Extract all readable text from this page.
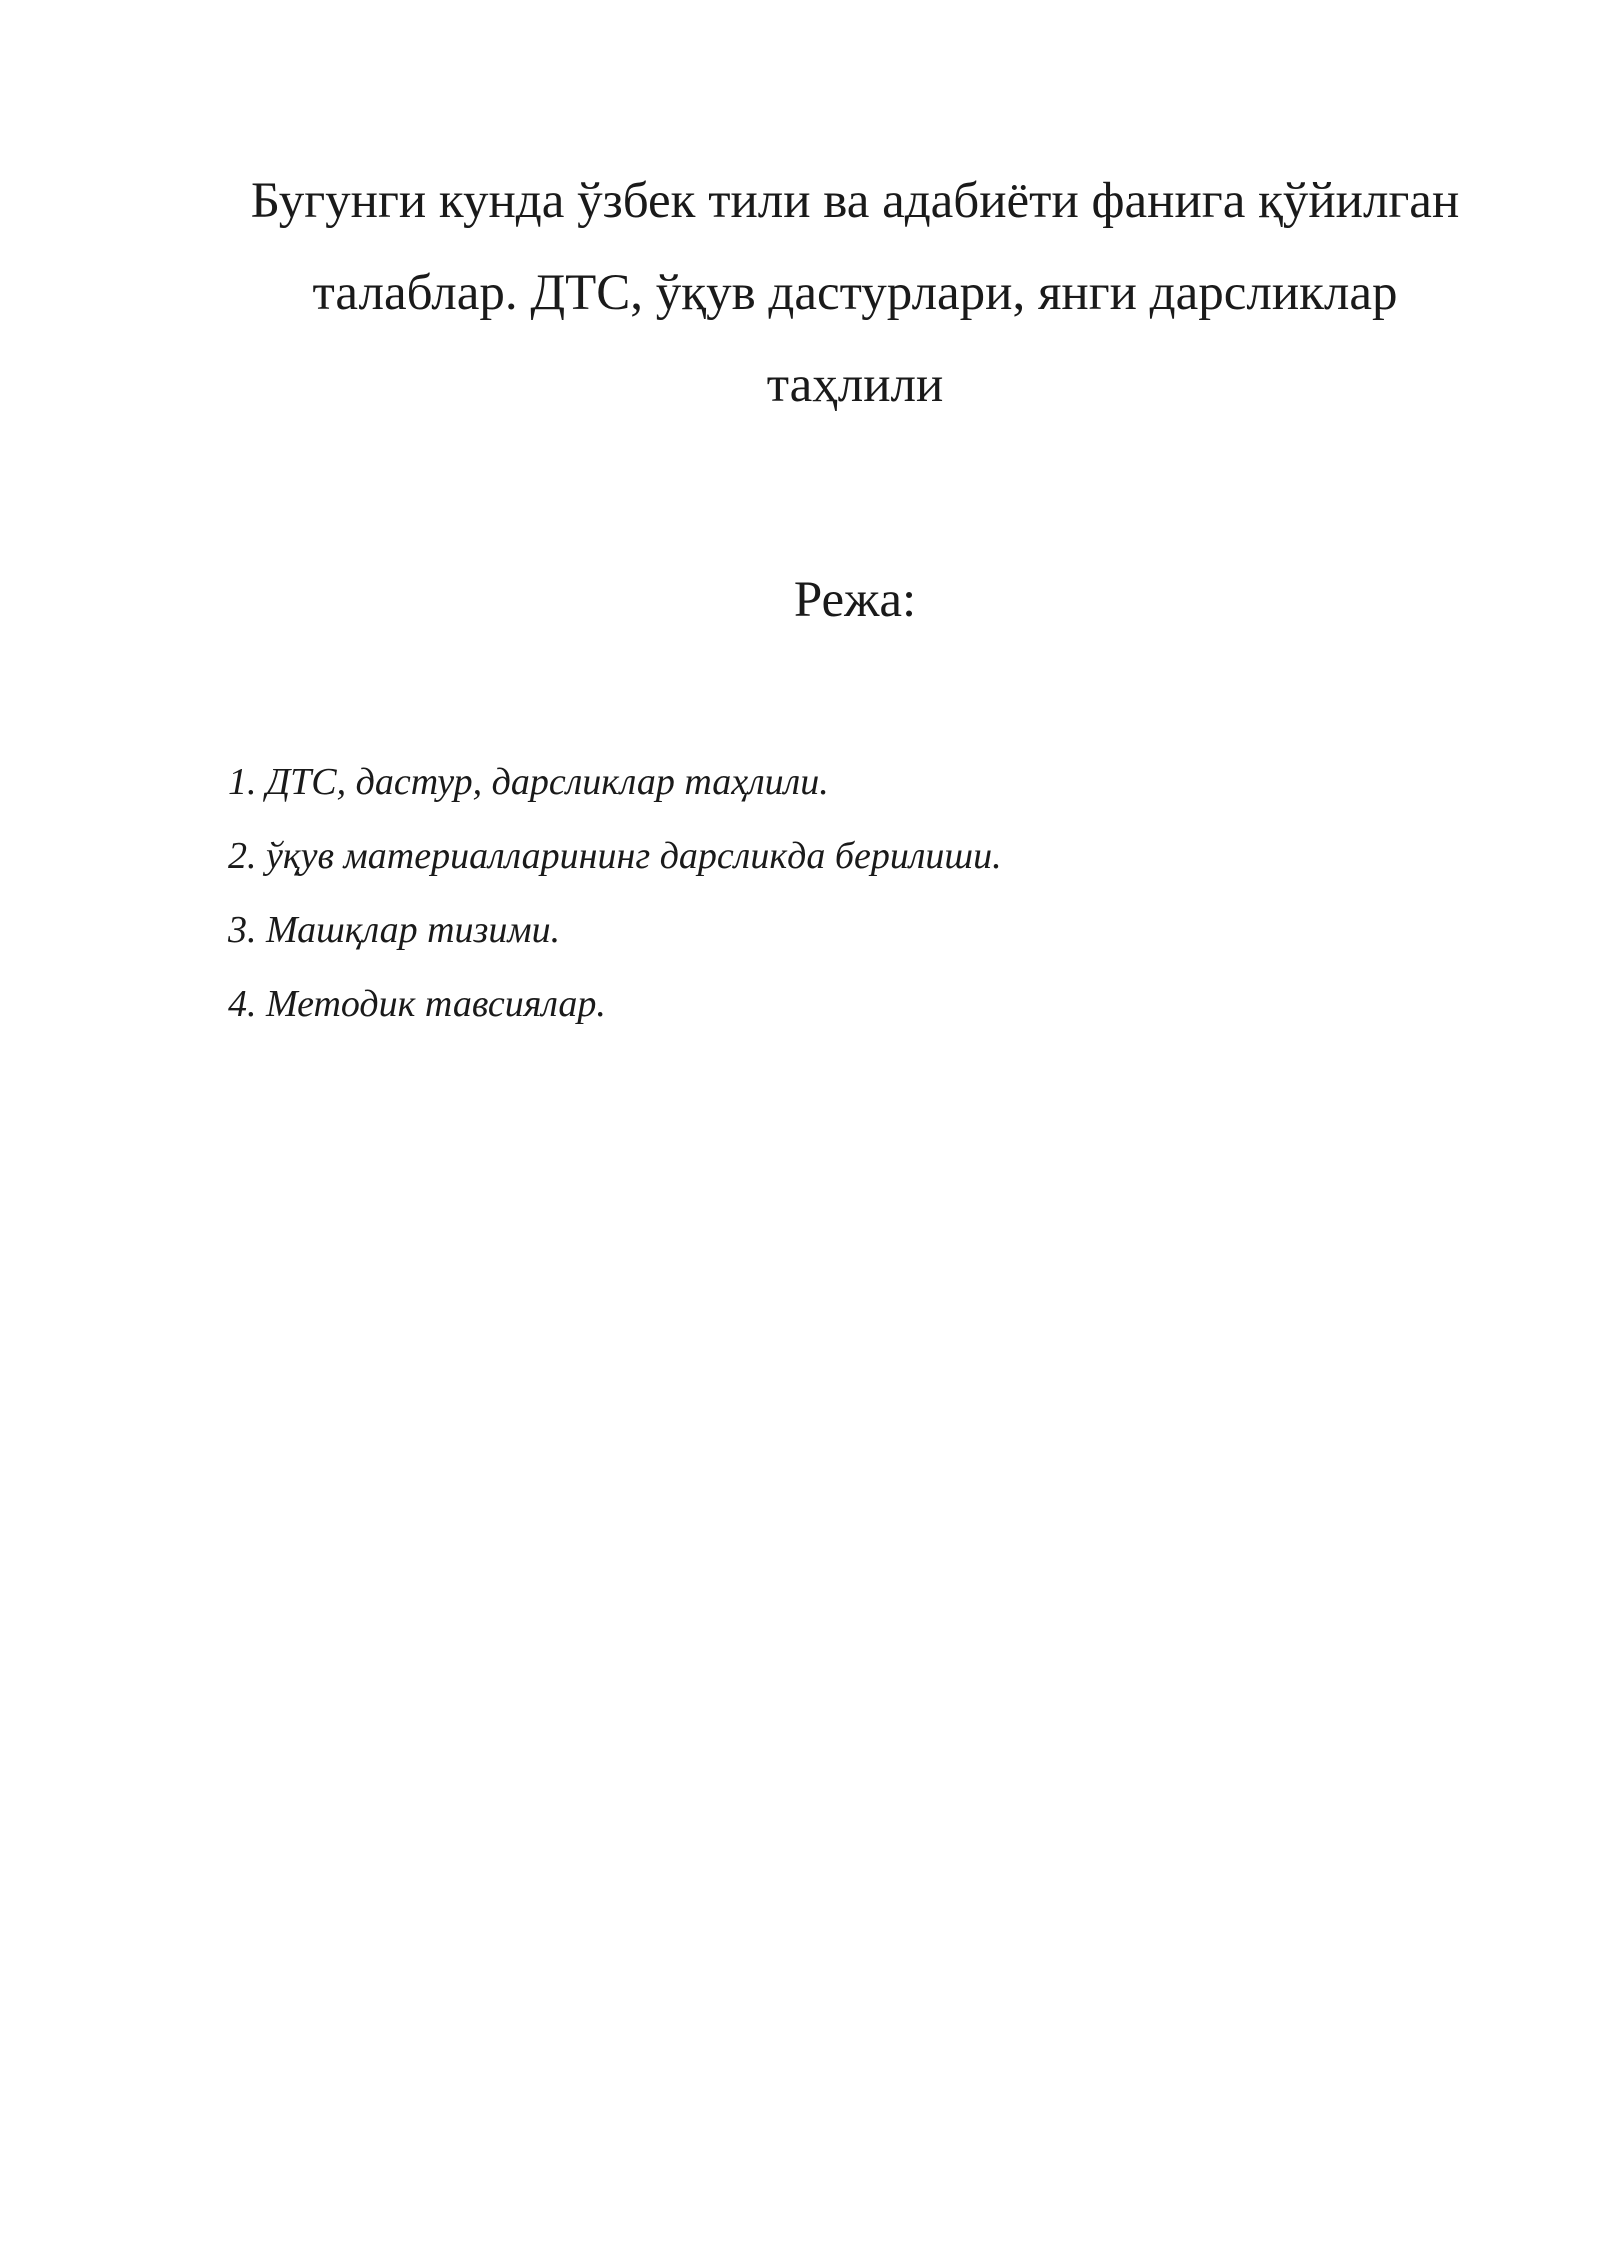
Бугунги кунда ўзбек тили ва адабиёти фанига қўйилган талаблар. ДТС, ўқув дастурлари, янги дарсликлар таҳлили
Режа:
1. ДТС, дастур, дарсликлар таҳлили.
2. ўқув материалларининг дарсликда берилиши.
3. Машқлар тизими.
4. Методик тавсиялар.
